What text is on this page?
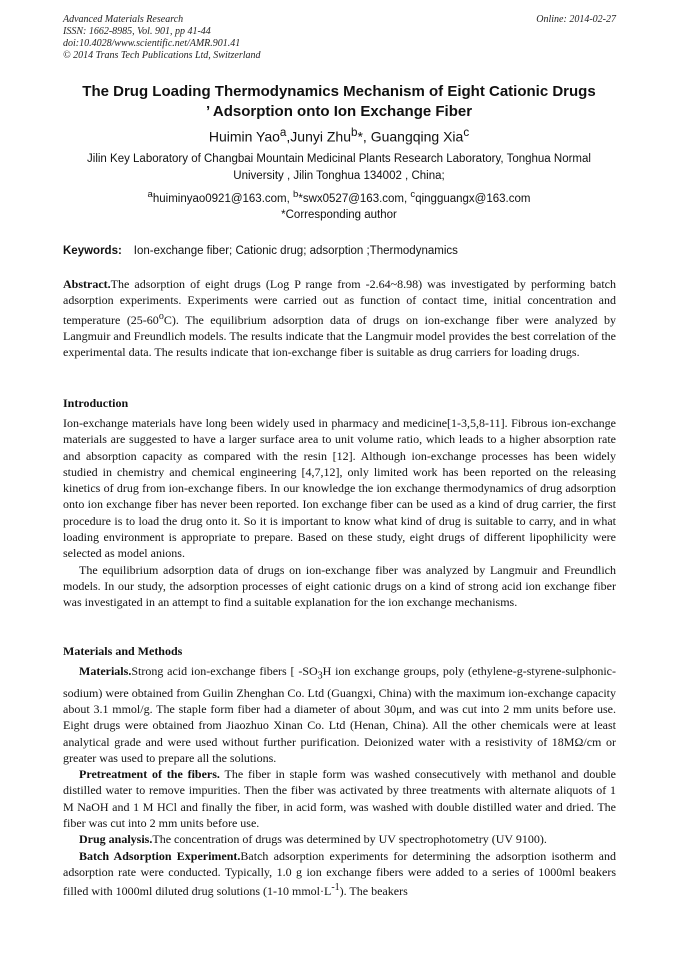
Advanced Materials Research
ISSN: 1662-8985, Vol. 901, pp 41-44
doi:10.4028/www.scientific.net/AMR.901.41
© 2014 Trans Tech Publications Ltd, Switzerland
Online: 2014-02-27
The Drug Loading Thermodynamics Mechanism of Eight Cationic Drugs
’ Adsorption onto Ion Exchange Fiber
Huimin Yao$^a$,Junyi Zhu$^b$*, Guangqing Xia$^c$
Jilin Key Laboratory of Changbai Mountain Medicinal Plants Research Laboratory, Tonghua Normal
University , Jilin Tonghua 134002 , China;
$^a$huiminyao0921@163.com, $^b$*swx0527@163.com, $^c$qingguangx@163.com
*Corresponding author
Keywords: Ion-exchange fiber; Cationic drug; adsorption ;Thermodynamics

Abstract.The adsorption of eight drugs (Log P range from -2.64~8.98) was investigated by performing batch adsorption experiments. Experiments were carried out as function of contact time, initial concentration and temperature (25-60$^o$C). The equilibrium adsorption data of drugs on ion-exchange fiber were analyzed by Langmuir and Freundlich models. The results indicate that the Langmuir model provides the best correlation of the experimental data. The results indicate that ion-exchange fiber is suitable as drug carriers for loading drugs.

Introduction

Ion-exchange materials have long been widely used in pharmacy and medicine[1-3,5,8-11]. Fibrous ion-exchange materials are suggested to have a larger surface area to unit volume ratio, which leads to a higher absorption rate and absorption capacity as compared with the resin [12]. Although ion-exchange processes has been widely studied in chemistry and chemical engineering [4,7,12], only limited work has been reported on the releasing kinetics of drug from ion-exchange fibers. In our knowledge the ion exchange thermodynamics of drug adsorption onto ion exchange fiber has never been reported. Ion exchange fiber can be used as a kind of drug carrier, the first procedure is to load the drug onto it. So it is important to know what kind of drug is suitable to carry, and in what loading environment is appropriate to prepare. Based on these study, eight drugs of different lipophilicity were selected as model anions.

The equilibrium adsorption data of drugs on ion-exchange fiber was analyzed by Langmuir and Freundlich models. In our study, the adsorption processes of eight cationic drugs on a kind of strong acid ion exchange fiber was investigated in an attempt to find a suitable explanation for the ion exchange mechanisms.

Materials and Methods

Materials.Strong acid ion-exchange fibers [ $-SO_3H$ ion exchange groups, poly (ethylene-g-styrene-sulphonic-sodium) were obtained from Guilin Zhenghan Co. Ltd (Guangxi, China) with the maximum ion-exchange capacity about 3.1 mmol/g. The staple form fiber had a diameter of about 30μm, and was cut into 2 mm units before use. Eight drugs were obtained from Jiaozhuo Xinan Co. Ltd (Henan, China). All the other chemicals were at least analytical grade and were used without further purification. Deionized water with a resistivity of 18MΩ/cm or greater was used to prepare all the solutions.

Pretreatment of the fibers. The fiber in staple form was washed consecutively with methanol and double distilled water to remove impurities. Then the fiber was activated by three treatments with alternate aliquots of 1 M NaOH and 1 M HCl and finally the fiber, in acid form, was washed with double distilled water and dried. The fiber was cut into 2 mm units before use.

Drug analysis.The concentration of drugs was determined by UV spectrophotometry (UV 9100).

Batch Adsorption Experiment.Batch adsorption experiments for determining the adsorption isotherm and adsorption rate were conducted. Typically, 1.0 g ion exchange fibers were added to a series of 1000ml beakers filled with 1000ml diluted drug solutions (1-10 $mmol\cdot L^{-1}$). The beakers
